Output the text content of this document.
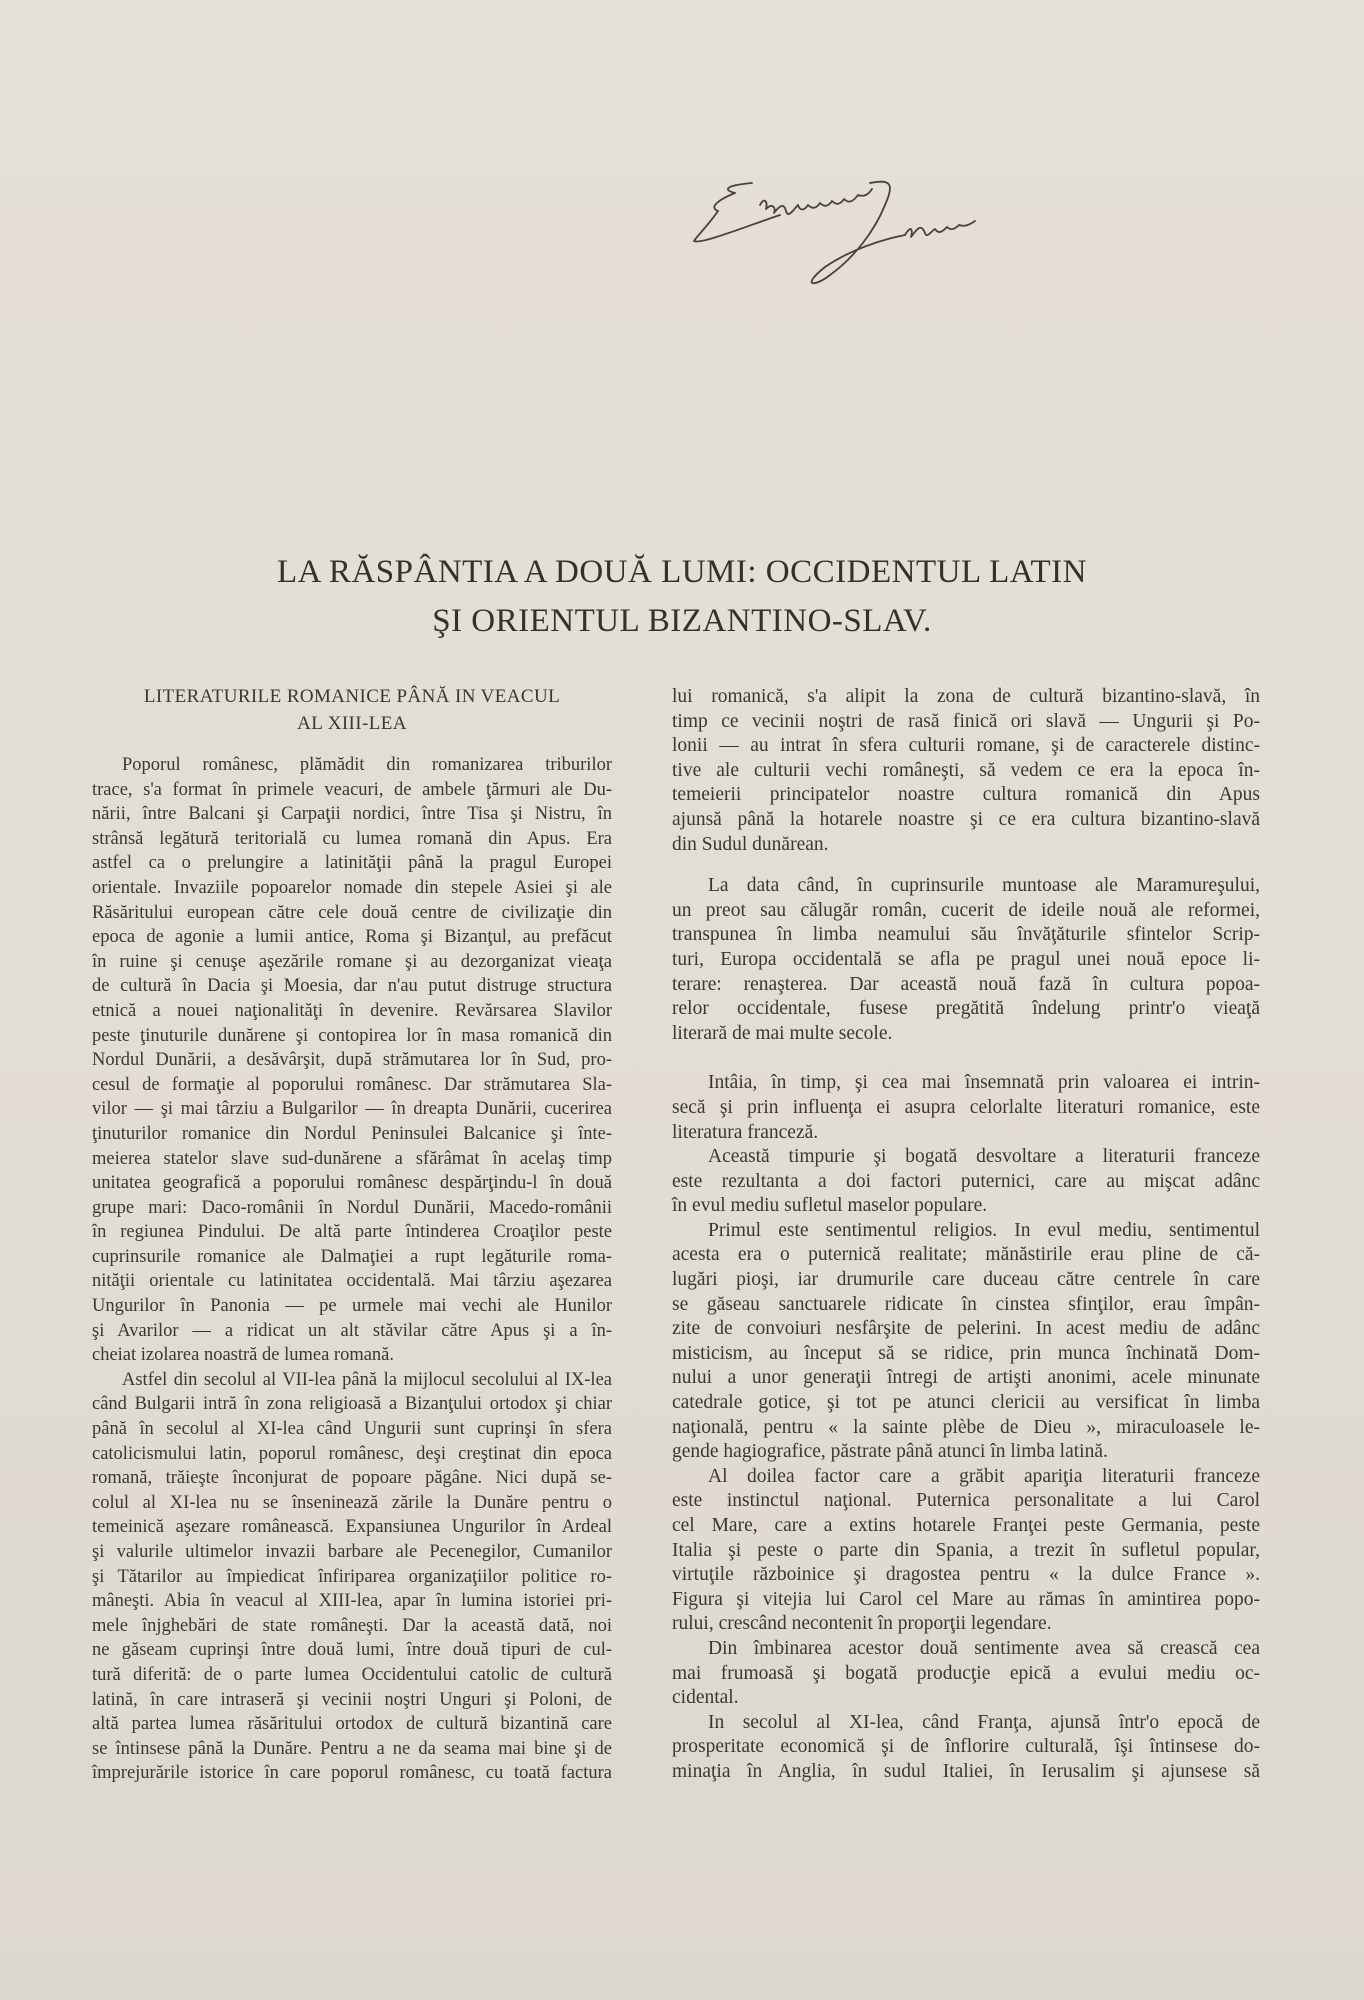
LA RĂSPÂNTIA A DOUĂ LUMI: OCCIDENTUL LATIN
ŞI ORIENTUL BIZANTINO-SLAV.
LITERATURILE ROMANICE PÂNĂ IN VEACUL
AL XIII-LEA
Poporul românesc, plămădit din romanizarea triburilor
trace, s'a format în primele veacuri, de ambele ţărmuri ale Du-
nării, între Balcani şi Carpaţii nordici, între Tisa şi Nistru, în
strânsă legătură teritorială cu lumea romană din Apus. Era
astfel ca o prelungire a latinităţii până la pragul Europei
orientale. Invaziile popoarelor nomade din stepele Asiei şi ale
Răsăritului european către cele două centre de civilizaţie din
epoca de agonie a lumii antice, Roma şi Bizanţul, au prefăcut
în ruine şi cenuşe aşezările romane şi au dezorganizat vieaţa
de cultură în Dacia şi Moesia, dar n'au putut distruge structura
etnică a nouei naţionalităţi în devenire. Revărsarea Slavilor
peste ţinuturile dunărene şi contopirea lor în masa romanică din
Nordul Dunării, a desăvârşit, după strămutarea lor în Sud, pro-
cesul de formaţie al poporului românesc. Dar strămutarea Sla-
vilor — şi mai târziu a Bulgarilor — în dreapta Dunării, cucerirea
ţinuturilor romanice din Nordul Peninsulei Balcanice şi înte-
meierea statelor slave sud-dunărene a sfărâmat în acelaş timp
unitatea geografică a poporului românesc despărţindu-l în două
grupe mari: Daco-românii în Nordul Dunării, Macedo-românii
în regiunea Pindului. De altă parte întinderea Croaţilor peste
cuprinsurile romanice ale Dalmaţiei a rupt legăturile roma-
nităţii orientale cu latinitatea occidentală. Mai târziu aşezarea
Ungurilor în Panonia — pe urmele mai vechi ale Hunilor
şi Avarilor — a ridicat un alt stăvilar către Apus şi a în-
cheiat izolarea noastră de lumea romană.
Astfel din secolul al VII-lea până la mijlocul secolului al IX-lea
când Bulgarii intră în zona religioasă a Bizanţului ortodox şi chiar
până în secolul al XI-lea când Ungurii sunt cuprinşi în sfera
catolicismului latin, poporul românesc, deşi creştinat din epoca
romană, trăieşte înconjurat de popoare păgâne. Nici după se-
colul al XI-lea nu se înseninează zările la Dunăre pentru o
temeinică aşezare românească. Expansiunea Ungurilor în Ardeal
şi valurile ultimelor invazii barbare ale Pecenegilor, Cumanilor
şi Tătarilor au împiedicat înfiriparea organizaţiilor politice ro-
mâneşti. Abia în veacul al XIII-lea, apar în lumina istoriei pri-
mele înjghebări de state româneşti. Dar la această dată, noi
ne găseam cuprinşi între două lumi, între două tipuri de cul-
tură diferită: de o parte lumea Occidentului catolic de cultură
latină, în care intraseră şi vecinii noştri Unguri şi Poloni, de
altă partea lumea răsăritului ortodox de cultură bizantină care
se întinsese până la Dunăre. Pentru a ne da seama mai bine şi de
împrejurările istorice în care poporul românesc, cu toată factura
lui romanică, s'a alipit la zona de cultură bizantino-slavă, în
timp ce vecinii noştri de rasă finică ori slavă — Ungurii şi Po-
lonii — au intrat în sfera culturii romane, şi de caracterele distinc-
tive ale culturii vechi româneşti, să vedem ce era la epoca în-
temeierii principatelor noastre cultura romanică din Apus
ajunsă până la hotarele noastre şi ce era cultura bizantino-slavă
din Sudul dunărean.
La data când, în cuprinsurile muntoase ale Maramureşului,
un preot sau călugăr român, cucerit de ideile nouă ale reformei,
transpunea în limba neamului său învăţăturile sfintelor Scrip-
turi, Europa occidentală se afla pe pragul unei nouă epoce li-
terare: renaşterea. Dar această nouă fază în cultura popoa-
relor occidentale, fusese pregătită îndelung printr'o vieaţă
literară de mai multe secole.
Intâia, în timp, şi cea mai însemnată prin valoarea ei intrin-
secă şi prin influenţa ei asupra celorlalte literaturi romanice, este
literatura franceză.
Această timpurie şi bogată desvoltare a literaturii franceze
este rezultanta a doi factori puternici, care au mişcat adânc
în evul mediu sufletul maselor populare.
Primul este sentimentul religios. In evul mediu, sentimentul
acesta era o puternică realitate; mănăstirile erau pline de că-
lugări pioşi, iar drumurile care duceau către centrele în care
se găseau sanctuarele ridicate în cinstea sfinţilor, erau împân-
zite de convoiuri nesfârşite de pelerini. In acest mediu de adânc
misticism, au început să se ridice, prin munca închinată Dom-
nului a unor generaţii întregi de artişti anonimi, acele minunate
catedrale gotice, şi tot pe atunci clericii au versificat în limba
naţională, pentru « la sainte plèbe de Dieu », miraculoasele le-
gende hagiografice, păstrate până atunci în limba latină.
Al doilea factor care a grăbit apariţia literaturii franceze
este instinctul naţional. Puternica personalitate a lui Carol
cel Mare, care a extins hotarele Franţei peste Germania, peste
Italia şi peste o parte din Spania, a trezit în sufletul popular,
virtuţile războinice şi dragostea pentru « la dulce France ».
Figura şi vitejia lui Carol cel Mare au rămas în amintirea popo-
rului, crescând necontenit în proporţii legendare.
Din îmbinarea acestor două sentimente avea să crească cea
mai frumoasă şi bogată producţie epică a evului mediu oc-
cidental.
In secolul al XI-lea, când Franţa, ajunsă într'o epocă de
prosperitate economică şi de înflorire culturală, îşi întinsese do-
minaţia în Anglia, în sudul Italiei, în Ierusalim şi ajunsese să
